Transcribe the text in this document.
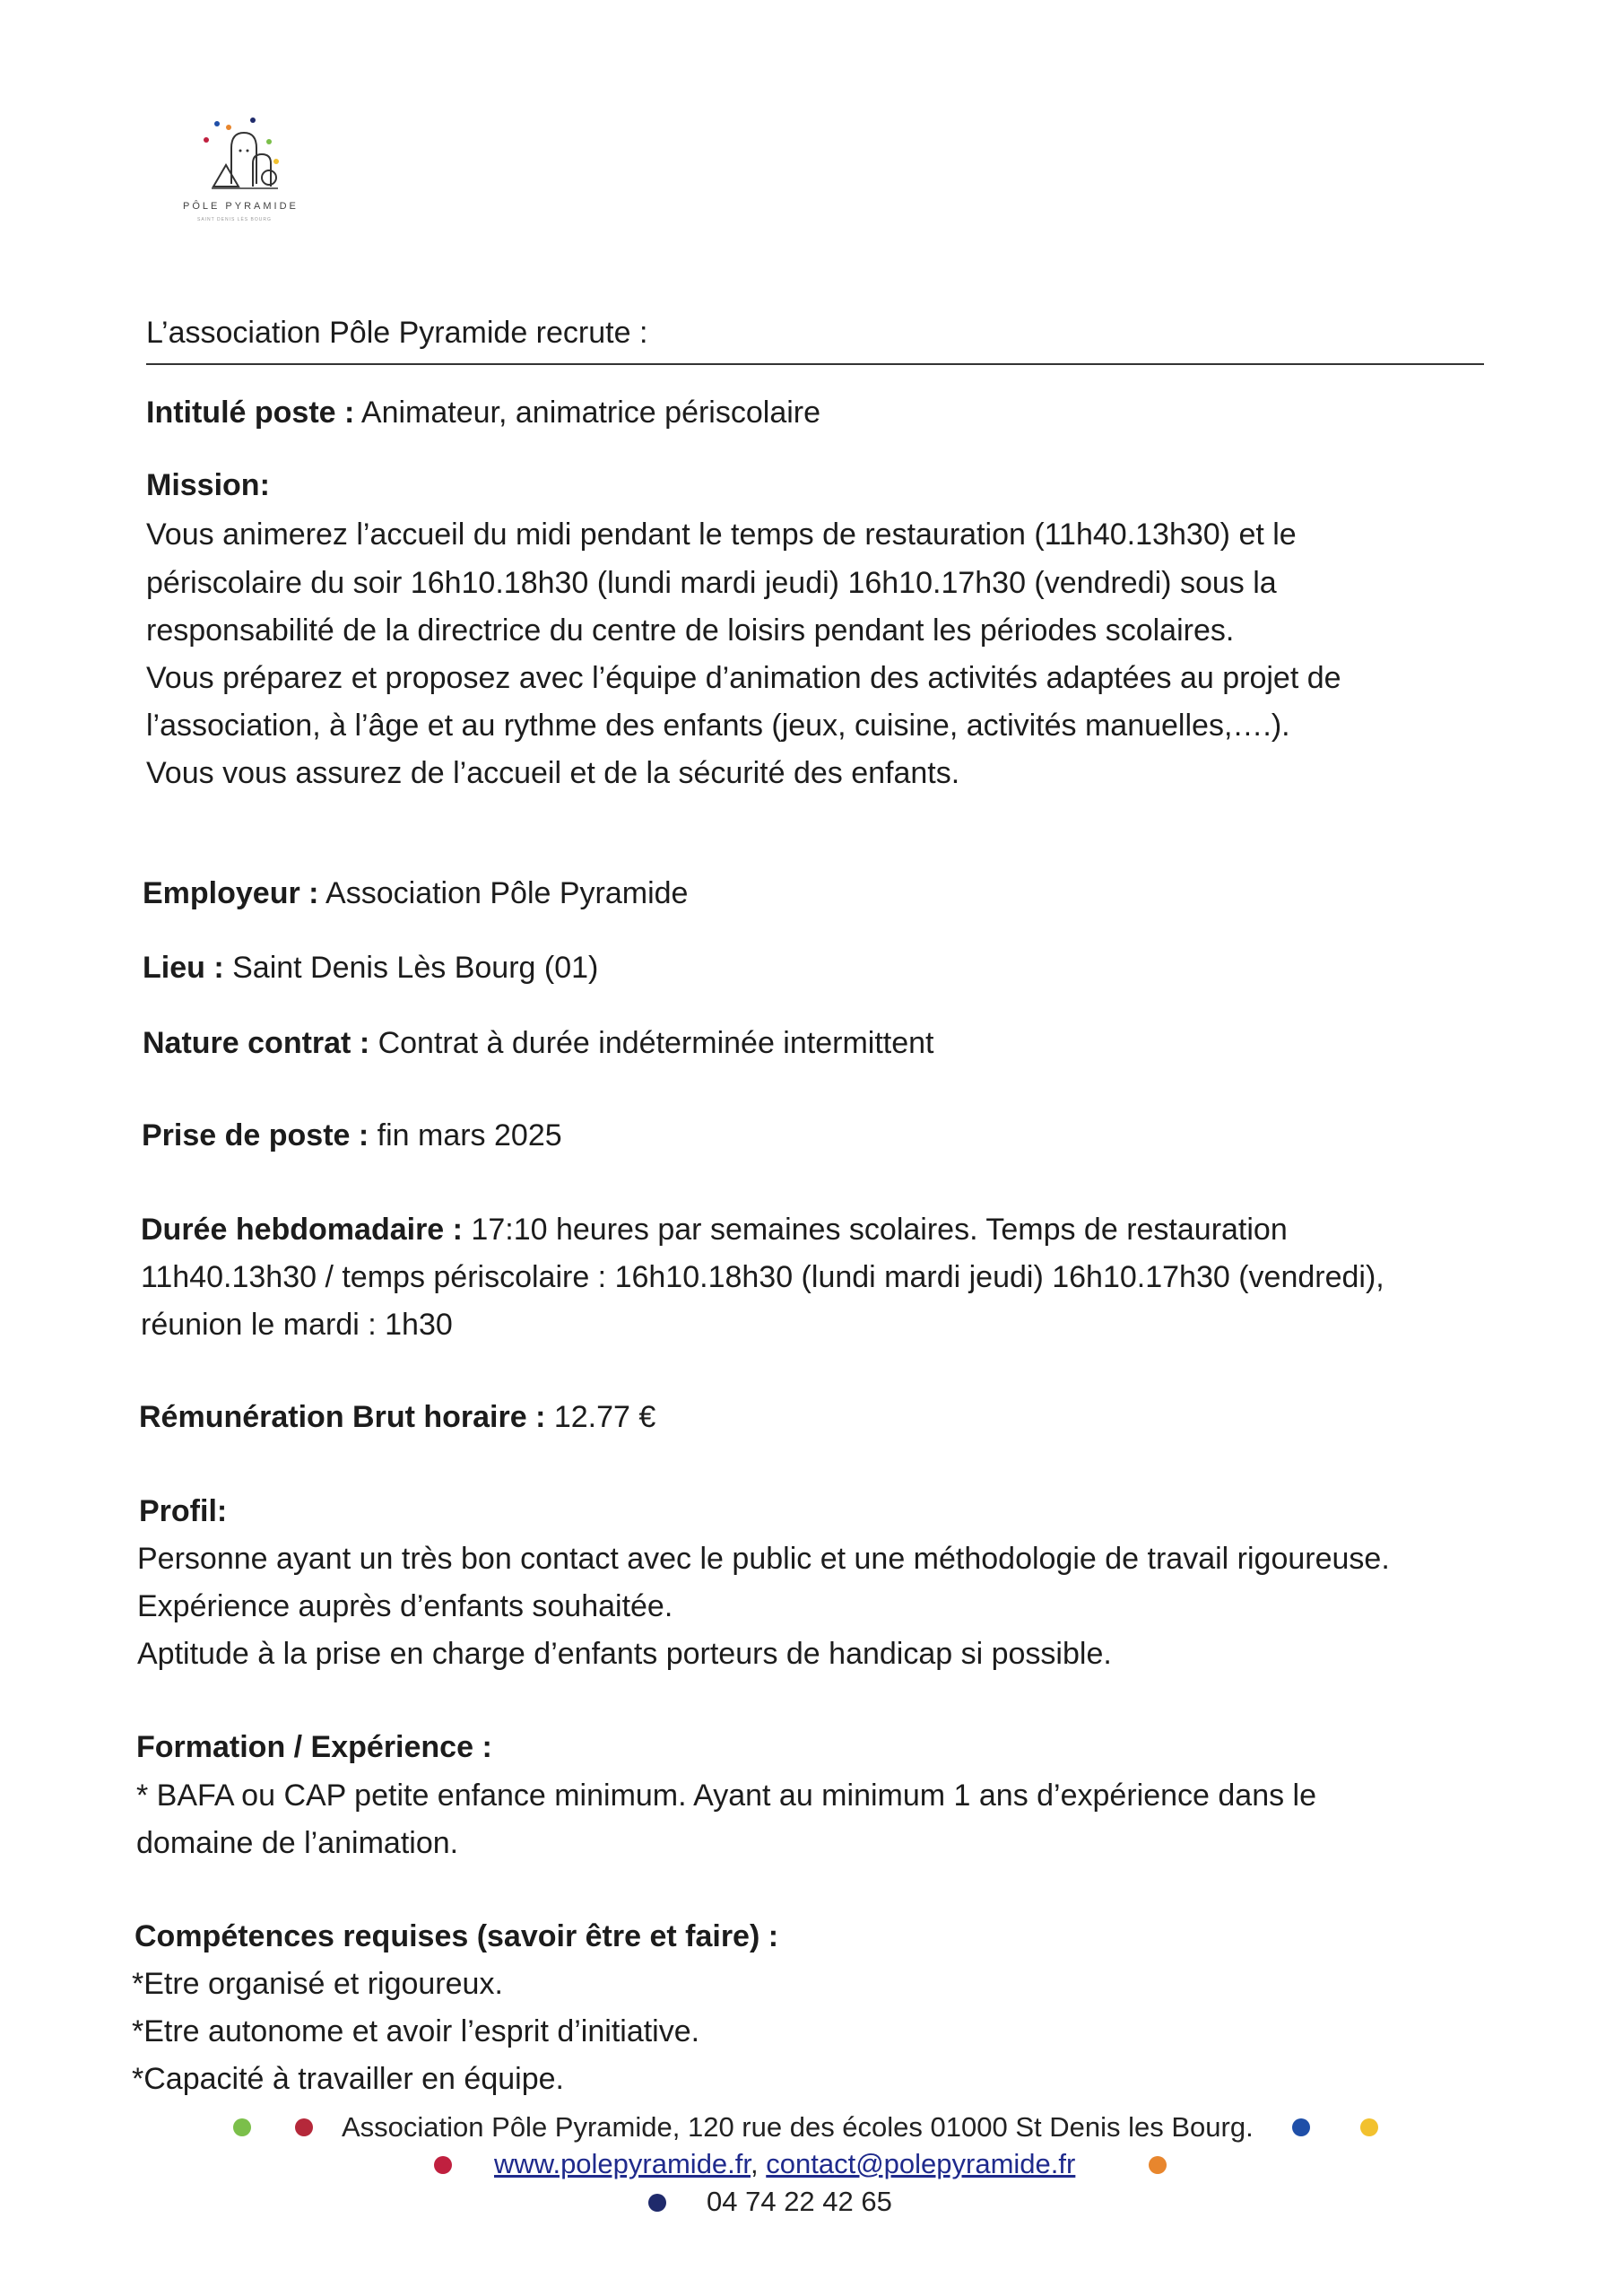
PÔLE PYRAMIDE
SAINT DENIS LÈS BOURG
L’association Pôle Pyramide recrute :
Intitulé poste : Animateur, animatrice périscolaire
Mission:
Vous animerez l’accueil du midi pendant le temps de restauration (11h40.13h30) et le
périscolaire du soir 16h10.18h30 (lundi mardi jeudi) 16h10.17h30 (vendredi) sous la
responsabilité de la directrice du centre de loisirs pendant les périodes scolaires.
Vous préparez et proposez avec l’équipe d’animation des activités adaptées au projet de
l’association, à l’âge et au rythme des enfants (jeux, cuisine, activités manuelles,….).
Vous vous assurez de l’accueil et de la sécurité des enfants.
Employeur : Association Pôle Pyramide
Lieu : Saint Denis Lès Bourg (01)
Nature contrat : Contrat à durée indéterminée intermittent
Prise de poste : fin mars 2025
Durée hebdomadaire : 17:10 heures par semaines scolaires. Temps de restauration
11h40.13h30 / temps périscolaire : 16h10.18h30 (lundi mardi jeudi) 16h10.17h30 (vendredi),
réunion le mardi : 1h30
Rémunération Brut horaire : 12.77 €
Profil:
Personne ayant un très bon contact avec le public et une méthodologie de travail rigoureuse.
Expérience auprès d’enfants souhaitée.
Aptitude à la prise en charge d’enfants porteurs de handicap si possible.
Formation / Expérience :
* BAFA ou CAP petite enfance minimum. Ayant au minimum 1 ans d’expérience dans le
domaine de l’animation.
Compétences requises (savoir être et faire) :
*Etre organisé et rigoureux.
*Etre autonome et avoir l’esprit d’initiative.
*Capacité à travailler en équipe.
Association Pôle Pyramide, 120 rue des écoles 01000 St Denis les Bourg.
www.polepyramide.fr, contact@polepyramide.fr
04 74 22 42 65
